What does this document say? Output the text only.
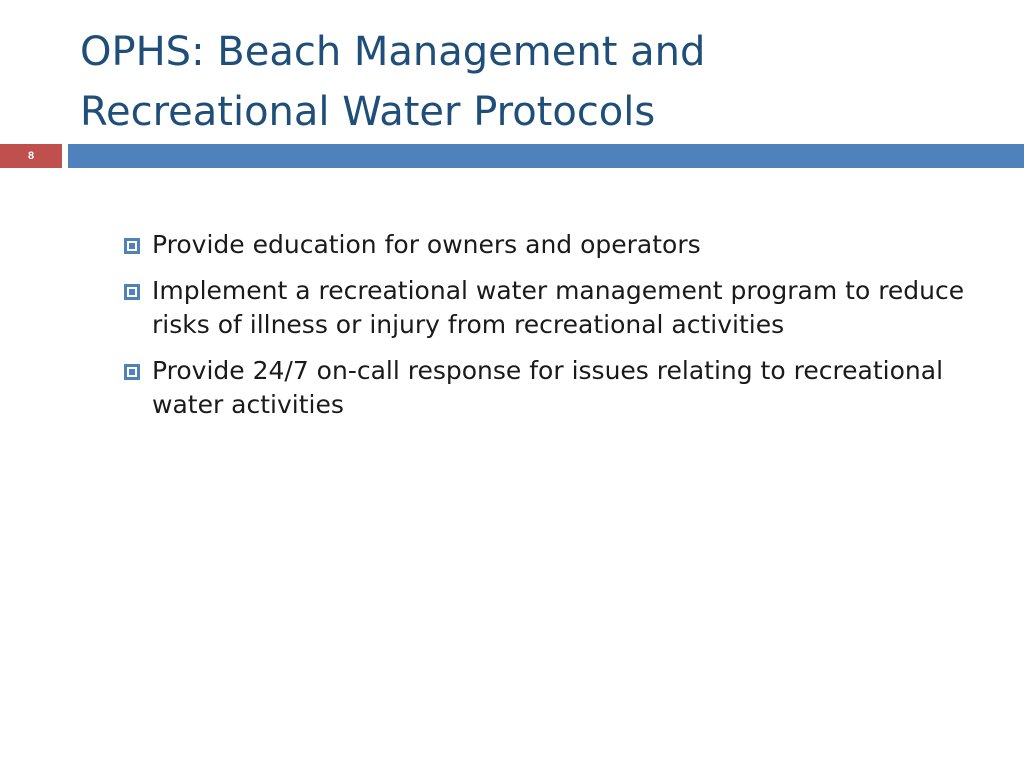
OPHS: Beach Management and
Recreational Water Protocols
8
Provide education for owners and operators
Implement a recreational water management program to reduce risks of illness or injury from recreational activities
Provide 24/7 on-call response for issues relating to recreational water activities
